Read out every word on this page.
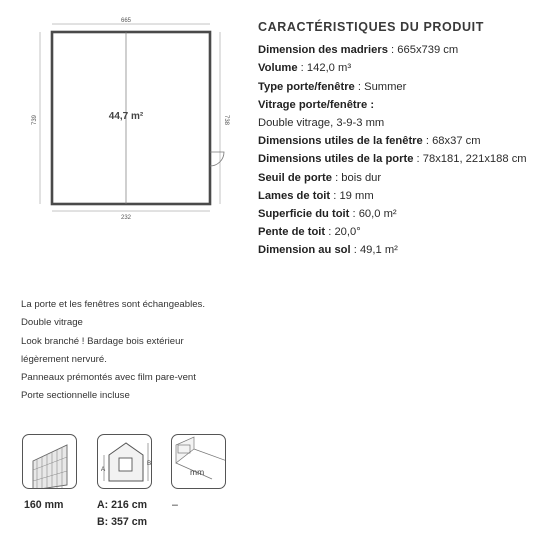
665
232
739	738
44,7 m²
CARACTÉRISTIQUES DU PRODUIT
Dimension des madriers : 665x739 cm
Volume : 142,0 m³
Type porte/fenêtre : Summer
Vitrage porte/fenêtre :
Double vitrage, 3-9-3 mm
Dimensions utiles de la fenêtre : 68x37 cm
Dimensions utiles de la porte : 78x181, 221x188 cm
Seuil de porte : bois dur
Lames de toit : 19 mm
Superficie du toit : 60,0 m²
Pente de toit : 20,0°
Dimension au sol : 49,1 m²
La porte et les fenêtres sont échangeables.
Double vitrage
Look branché ! Bardage bois extérieur
légèrement nervuré.
Panneaux prémontés avec film pare-vent
Porte sectionnelle incluse
160 mm
A
B
A: 216 cm
B: 357 cm
mm
–
